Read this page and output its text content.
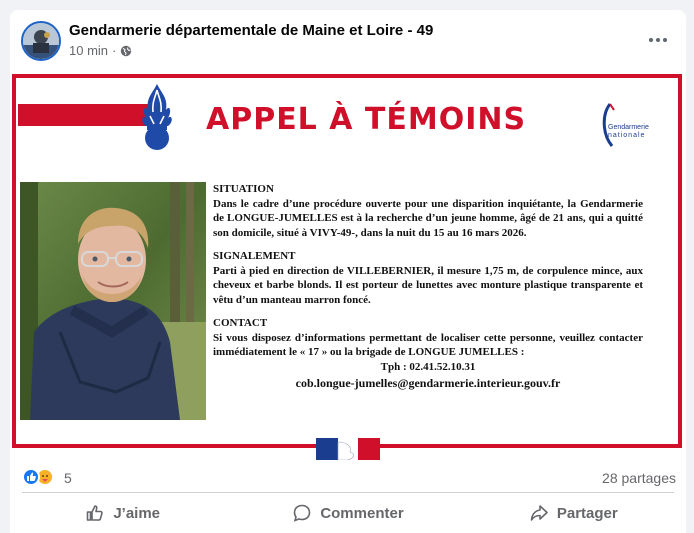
Gendarmerie départementale de Maine et Loire - 49
10 min ·
APPEL À TÉMOINS	Gendarmerie
nationale
SITUATION
Dans le cadre d’une procédure ouverte pour une disparition inquiétante, la Gendarmerie de LONGUE-JUMELLES est à la recherche d’un jeune homme, âgé de 21 ans, qui a quitté son domicile, situé à VIVY-49-, dans la nuit du 15 au 16 mars 2026.
SIGNALEMENT
Parti à pied en direction de VILLEBERNIER, il mesure 1,75 m, de corpulence mince, aux cheveux et barbe blonds. Il est porteur de lunettes avec monture plastique transparente et vêtu d’un manteau marron foncé.
CONTACT
Si vous disposez d’informations permettant de localiser cette personne, veuillez contacter immédiatement le « 17 » ou la brigade de LONGUE JUMELLES :
Tph : 02.41.52.10.31
cob.longue-jumelles@gendarmerie.interieur.gouv.fr
5	28 partages
J’aime	Commenter	Partager
